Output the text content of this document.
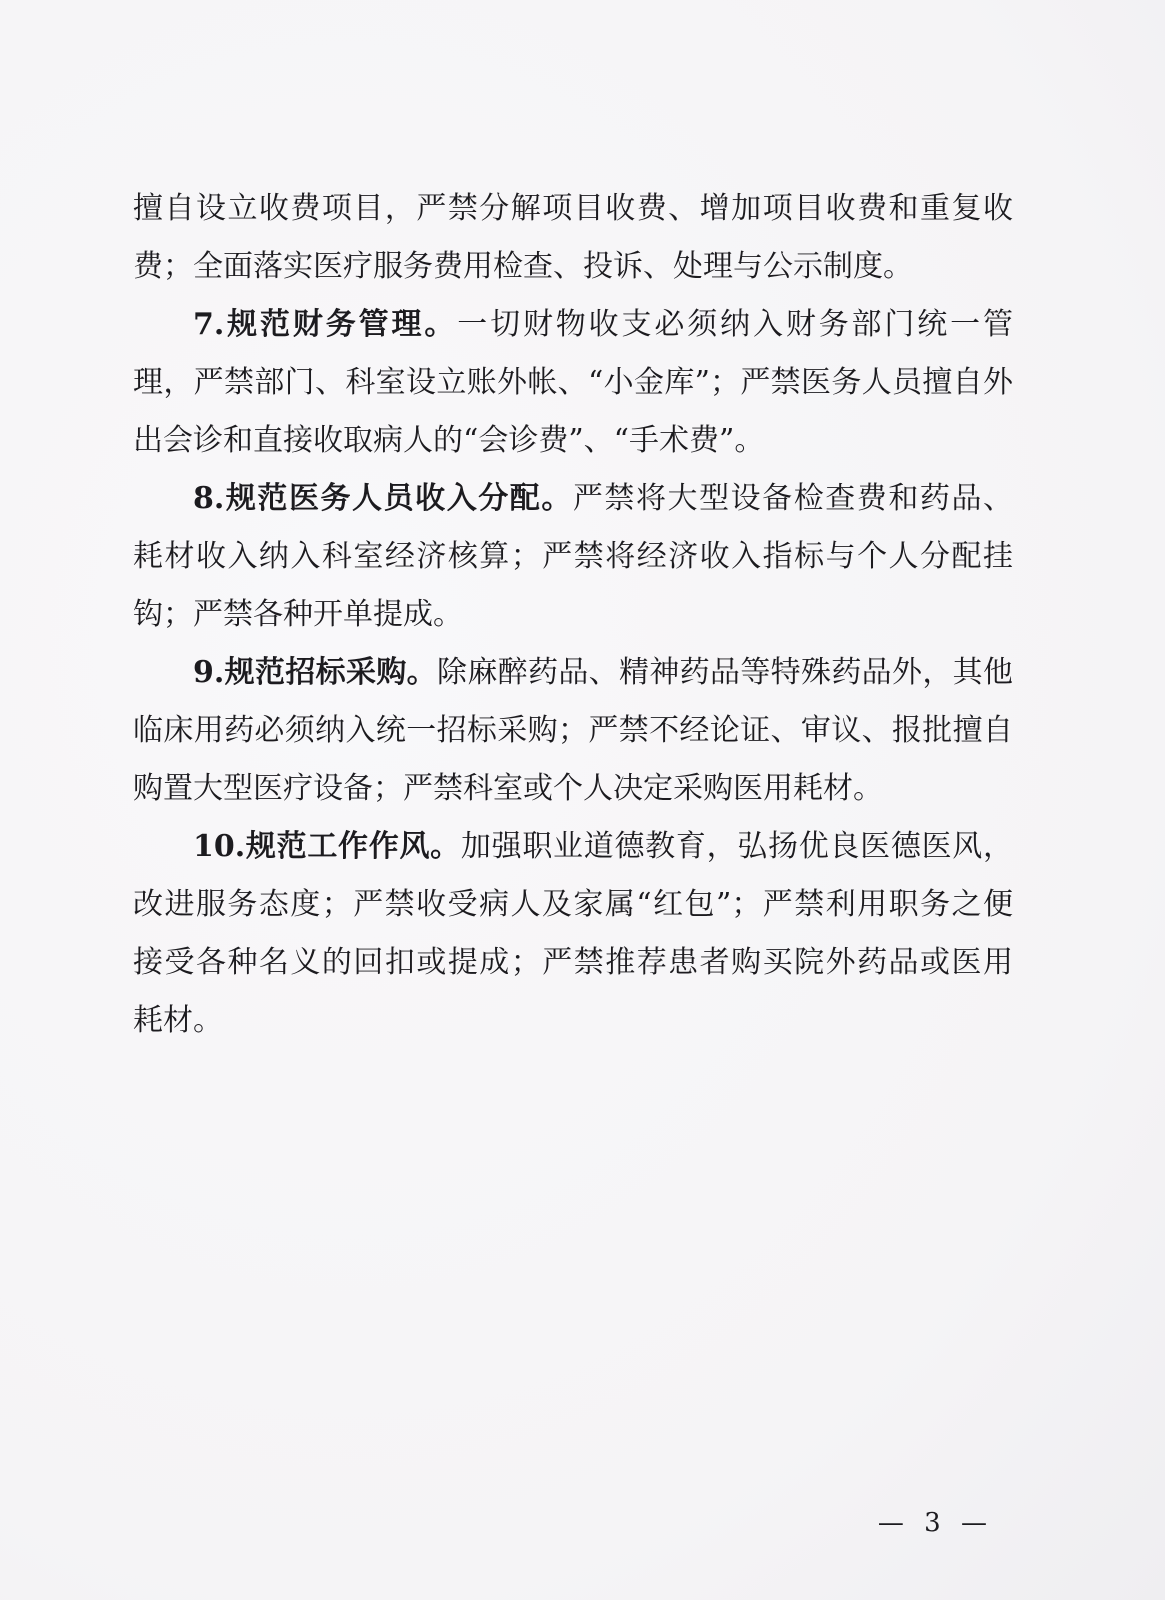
擅自设立收费项目，严禁分解项目收费、增加项目收费和重复收
费；全面落实医疗服务费用检查、投诉、处理与公示制度。
7.规范财务管理。一切财物收支必须纳入财务部门统一管
理，严禁部门、科室设立账外帐、“小金库”；严禁医务人员擅自外
出会诊和直接收取病人的“会诊费”、“手术费”。
8.规范医务人员收入分配。严禁将大型设备检查费和药品、
耗材收入纳入科室经济核算；严禁将经济收入指标与个人分配挂
钩；严禁各种开单提成。
9.规范招标采购。除麻醉药品、精神药品等特殊药品外，其他
临床用药必须纳入统一招标采购；严禁不经论证、审议、报批擅自
购置大型医疗设备；严禁科室或个人决定采购医用耗材。
10.规范工作作风。加强职业道德教育，弘扬优良医德医风，
改进服务态度；严禁收受病人及家属“红包”；严禁利用职务之便
接受各种名义的回扣或提成；严禁推荐患者购买院外药品或医用
耗材。
— 3 —
